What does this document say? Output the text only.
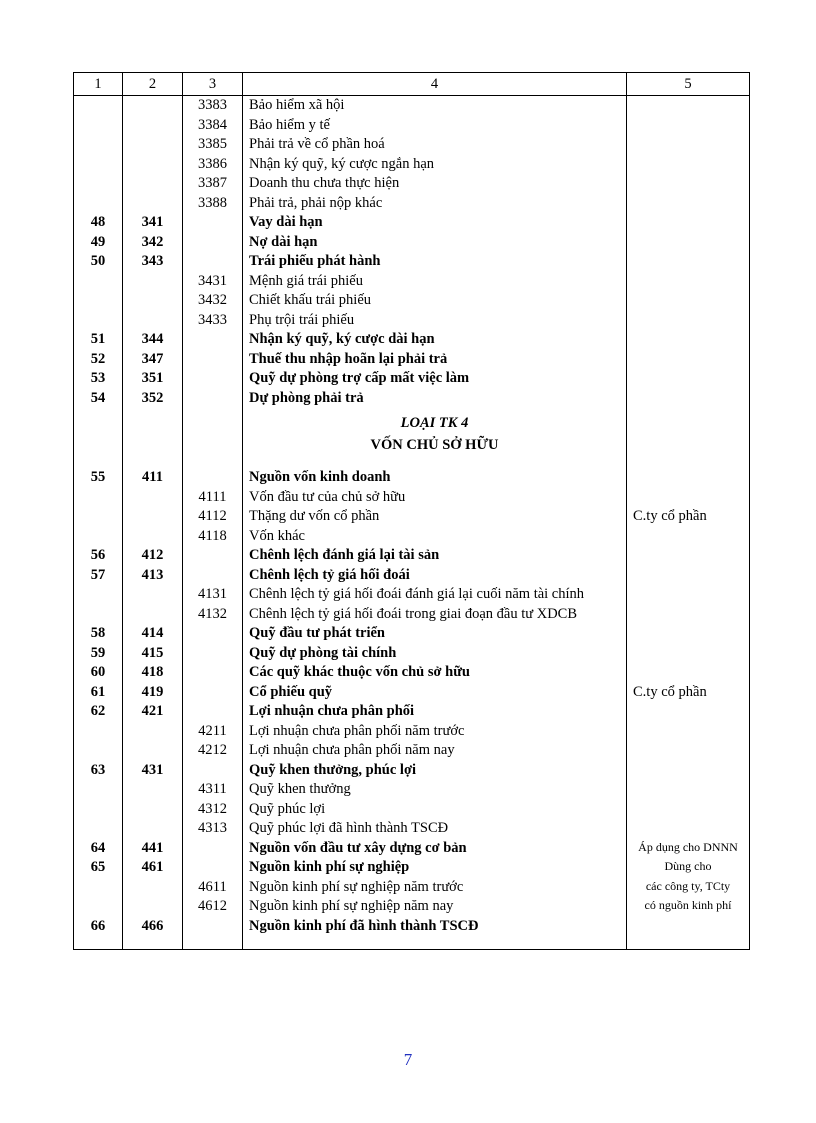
1	2	3	4	5
		3383	Bảo hiểm xã hội	
		3384	Bảo hiểm y tế	
		3385	Phải trả về cổ phần hoá	
		3386	Nhận ký quỹ, ký cược ngắn hạn	
		3387	Doanh thu chưa thực hiện	
		3388	Phải trả, phải nộp khác	
48	341		Vay dài hạn	
49	342		Nợ dài hạn	
50	343		Trái phiếu phát hành	
		3431	Mệnh giá trái phiếu	
		3432	Chiết khấu trái phiếu	
		3433	Phụ trội trái phiếu	
51	344		Nhận ký quỹ, ký cược dài hạn	
52	347		Thuế thu nhập hoãn lại phải trả	
53	351		Quỹ dự phòng trợ cấp mất việc làm	
54	352		Dự phòng phải trả	

			LOẠI TK 4
VỐN CHỦ SỞ HỮU	

55	411		Nguồn vốn kinh doanh	
		4111	Vốn đầu tư của chủ sở hữu	
		4112	Thặng dư vốn cổ phần	C.ty cổ phần
		4118	Vốn khác	
56	412		Chênh lệch đánh giá lại tài sản	
57	413		Chênh lệch tỷ giá hối đoái	
		4131	Chênh lệch tỷ giá hối đoái đánh giá lại cuối năm tài chính	
		4132	Chênh lệch tỷ giá hối đoái trong giai đoạn đầu tư XDCB	
58	414		Quỹ đầu tư phát triển	
59	415		Quỹ dự phòng tài chính	
60	418		Các quỹ khác thuộc vốn chủ sở hữu	
61	419		Cổ phiếu quỹ	C.ty cổ phần
62	421		Lợi nhuận chưa phân phối	
		4211	Lợi nhuận chưa phân phối năm trước	
		4212	Lợi nhuận chưa phân phối năm nay	
63	431		Quỹ khen thưởng, phúc lợi	
		4311	Quỹ khen thưởng	
		4312	Quỹ phúc lợi	
		4313	Quỹ phúc lợi đã hình thành TSCĐ	
64	441		Nguồn vốn đầu tư xây dựng cơ bản	Áp dụng cho DNNN
65	461		Nguồn kinh phí sự nghiệp	Dùng cho
		4611	Nguồn kinh phí sự nghiệp năm trước	các công ty, TCty
		4612	Nguồn kinh phí sự nghiệp năm nay	có nguồn kinh phí
66	466		Nguồn kinh phí đã hình thành TSCĐ	
7
